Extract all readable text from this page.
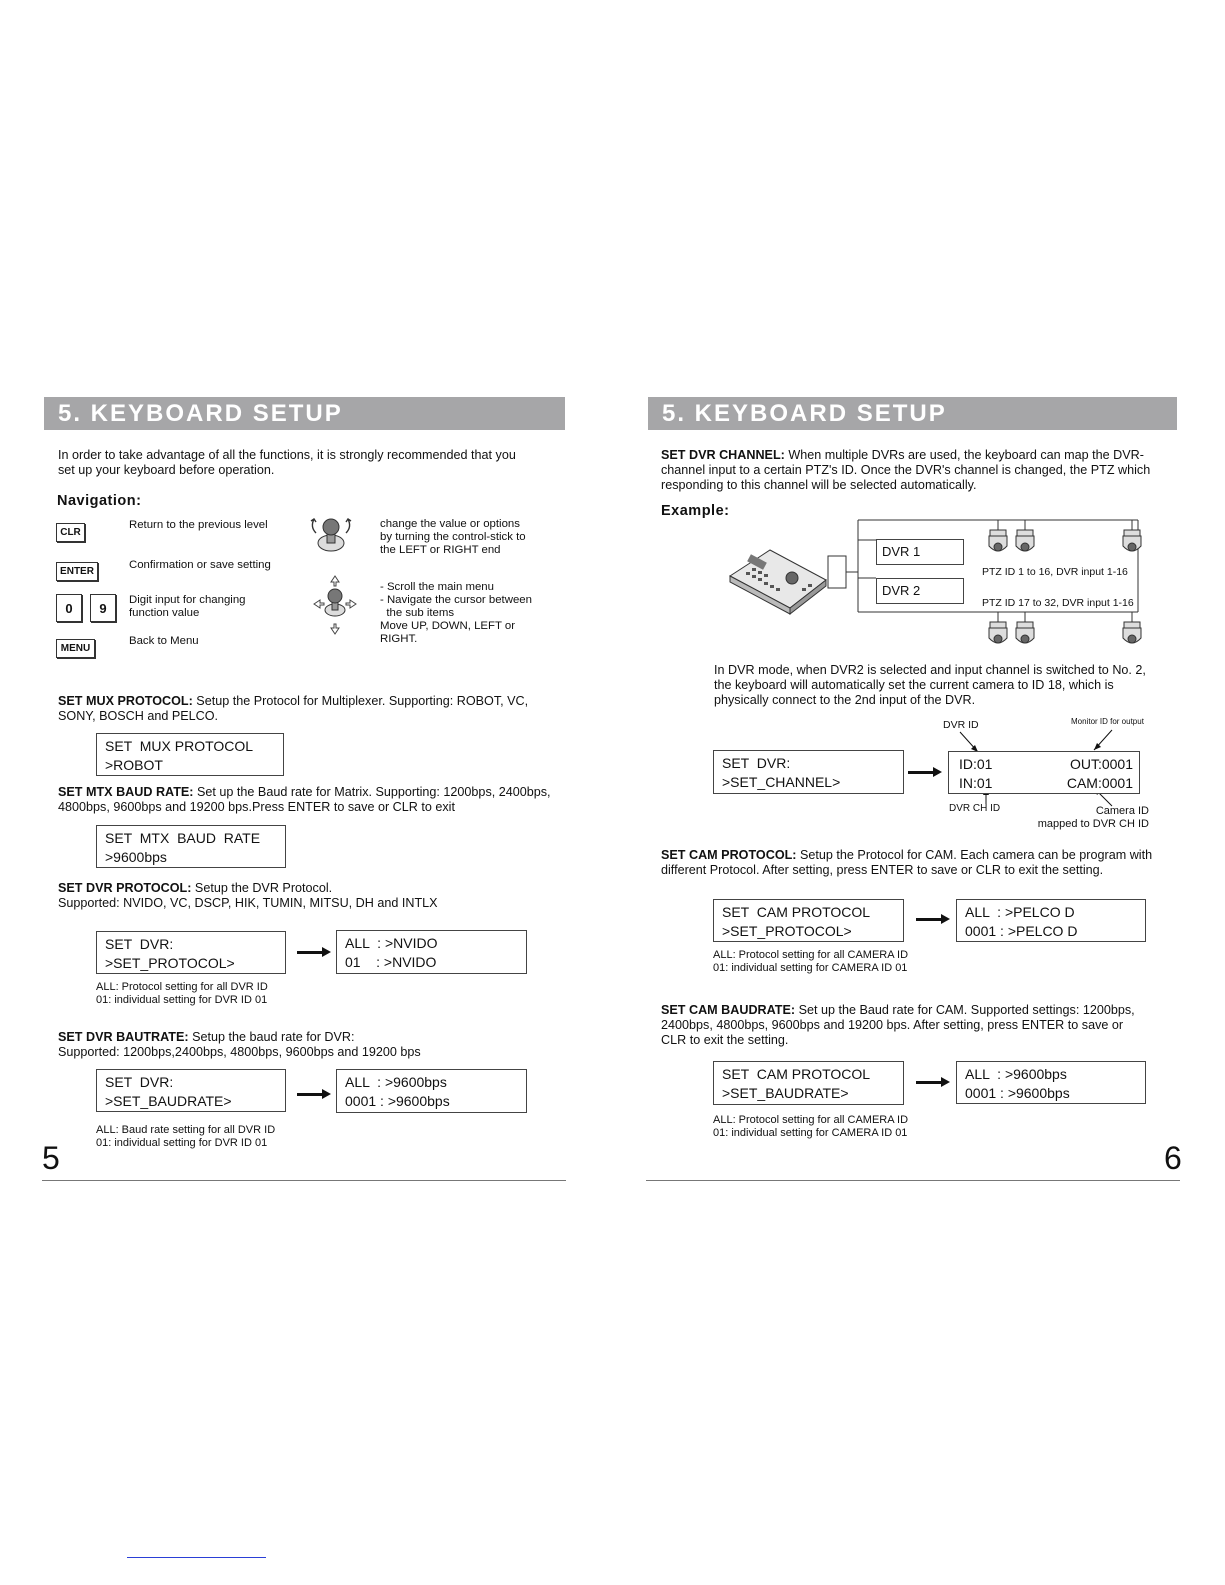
5. KEYBOARD SETUP
In order to take advantage of all the functions, it is strongly recommended that you
set up your keyboard before operation.
Navigation:
CLR
Return to the previous level
ENTER
Confirmation or save setting
0	9
Digit input for changing
function value
MENU
Back to Menu
change the value or options
by turning the control-stick to
the LEFT or RIGHT end
- Scroll the main menu
- Navigate the cursor between
the sub items
Move UP, DOWN, LEFT or
RIGHT.
SET MUX PROTOCOL: Setup the Protocol for Multiplexer. Supporting: ROBOT, VC,
SONY, BOSCH and PELCO.
SET  MUX PROTOCOL
>ROBOT
SET MTX BAUD RATE: Set up the Baud rate for Matrix. Supporting: 1200bps, 2400bps,
4800bps, 9600bps and 19200 bps.Press ENTER to save or CLR to exit
SET  MTX  BAUD  RATE
>9600bps
SET DVR PROTOCOL: Setup the DVR Protocol.
Supported: NVIDO, VC, DSCP, HIK, TUMIN, MITSU, DH and INTLX
SET  DVR:
>SET_PROTOCOL>
ALL  : >NVIDO
01    : >NVIDO
ALL: Protocol setting for all DVR ID
01: individual setting for DVR ID 01
SET DVR BAUTRATE: Setup the baud rate for DVR:
Supported: 1200bps,2400bps, 4800bps, 9600bps and 19200 bps
SET  DVR:
>SET_BAUDRATE>
ALL  : >9600bps
0001 : >9600bps
ALL: Baud rate setting for all DVR ID
01: individual setting for DVR ID 01
5
5. KEYBOARD SETUP
SET DVR CHANNEL: When multiple DVRs are used, the keyboard can map the DVR-
channel input to a certain PTZ's ID. Once the DVR's channel is changed, the PTZ which
responding to this channel will be selected automatically.
Example:
DVR 1
DVR 2
PTZ ID 1 to 16, DVR input 1-16
PTZ ID 17 to 32, DVR input 1-16
In DVR mode, when DVR2 is selected and input channel is switched to No. 2,
the keyboard will automatically set the current camera to ID 18, which is
physically connect to the 2nd input of the DVR.
DVR ID	Monitor ID for output
SET  DVR:
>SET_CHANNEL>
ID:01
IN:01
OUT:0001
CAM:0001
DVR CH ID	Camera ID
mapped to DVR CH ID
SET CAM PROTOCOL: Setup the Protocol for CAM. Each camera can be program with
different Protocol. After setting, press ENTER to save or CLR to exit the setting.
SET  CAM PROTOCOL
>SET_PROTOCOL>
ALL  : >PELCO D
0001 : >PELCO D
ALL: Protocol setting for all CAMERA ID
01: individual setting for CAMERA ID 01
SET CAM BAUDRATE: Set up the Baud rate for CAM. Supported settings: 1200bps,
2400bps, 4800bps, 9600bps and 19200 bps. After setting, press ENTER to save or
CLR to exit the setting.
SET  CAM PROTOCOL
>SET_BAUDRATE>
ALL  : >9600bps
0001 : >9600bps
ALL: Protocol setting for all CAMERA ID
01: individual setting for CAMERA ID 01
6
